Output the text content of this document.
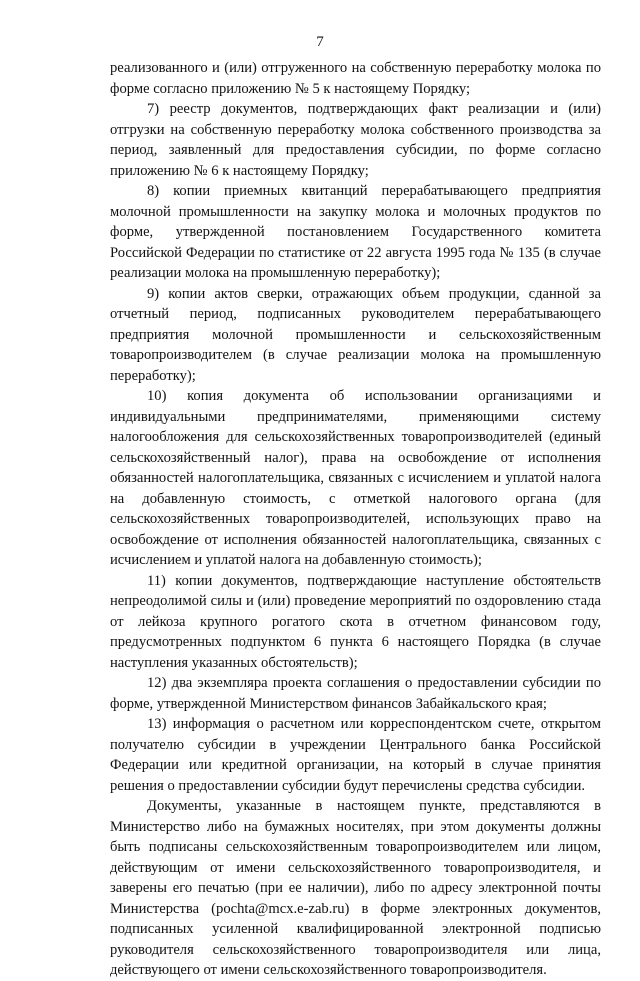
7

реализованного и (или) отгруженного на собственную переработку молока по форме согласно приложению № 5 к настоящему Порядку;

7) реестр документов, подтверждающих факт реализации и (или) отгрузки на собственную переработку молока собственного производства за период, заявленный для предоставления субсидии, по форме согласно приложению № 6 к настоящему Порядку;

8) копии приемных квитанций перерабатывающего предприятия молочной промышленности на закупку молока и молочных продуктов по форме, утвержденной постановлением Государственного комитета Российской Федерации по статистике от 22 августа 1995 года № 135 (в случае реализации молока на промышленную переработку);

9) копии актов сверки, отражающих объем продукции, сданной за отчетный период, подписанных руководителем перерабатывающего предприятия молочной промышленности и сельскохозяйственным товаропроизводителем (в случае реализации молока на промышленную переработку);

10) копия документа об использовании организациями и индивидуальными предпринимателями, применяющими систему налогообложения для сельскохозяйственных товаропроизводителей (единый сельскохозяйственный налог), права на освобождение от исполнения обязанностей налогоплательщика, связанных с исчислением и уплатой налога на добавленную стоимость, с отметкой налогового органа (для сельскохозяйственных товаропроизводителей, использующих право на освобождение от исполнения обязанностей налогоплательщика, связанных с исчислением и уплатой налога на добавленную стоимость);

11) копии документов, подтверждающие наступление обстоятельств непреодолимой силы и (или) проведение мероприятий по оздоровлению стада от лейкоза крупного рогатого скота в отчетном финансовом году, предусмотренных подпунктом 6 пункта 6 настоящего Порядка (в случае наступления указанных обстоятельств);

12) два экземпляра проекта соглашения о предоставлении субсидии по форме, утвержденной Министерством финансов Забайкальского края;

13) информация о расчетном или корреспондентском счете, открытом получателю субсидии в учреждении Центрального банка Российской Федерации или кредитной организации, на который в случае принятия решения о предоставлении субсидии будут перечислены средства субсидии.

Документы, указанные в настоящем пункте, представляются в Министерство либо на бумажных носителях, при этом документы должны быть подписаны сельскохозяйственным товаропроизводителем или лицом, действующим от имени сельскохозяйственного товаропроизводителя, и заверены его печатью (при ее наличии), либо по адресу электронной почты Министерства (pochta@mcx.e-zab.ru) в форме электронных документов, подписанных усиленной квалифицированной электронной подписью руководителя сельскохозяйственного товаропроизводителя или лица, действующего от имени сельскохозяйственного товаропроизводителя.
